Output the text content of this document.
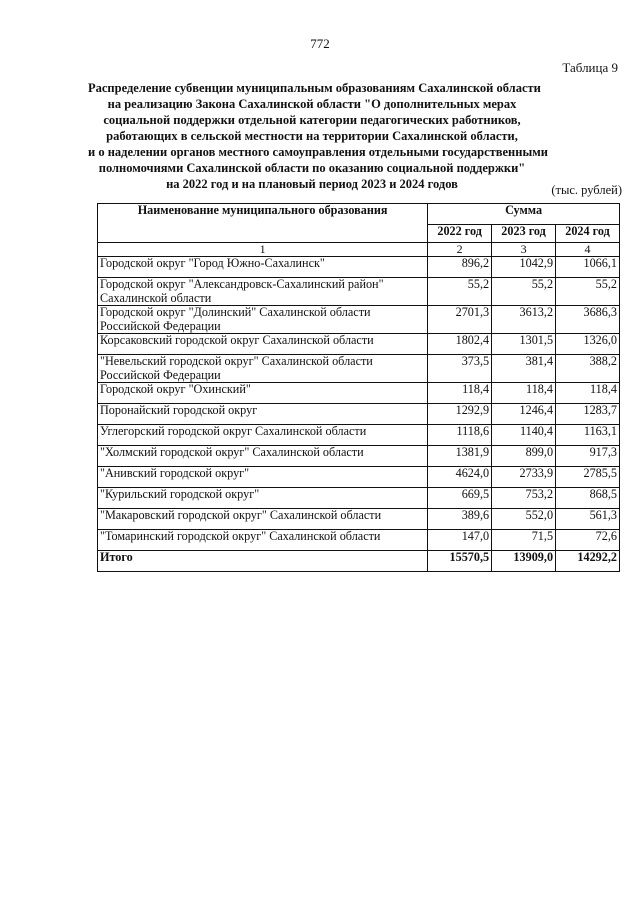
772
Таблица 9
Распределение субвенции муниципальным образованиям Сахалинской области
на реализацию Закона Сахалинской области "О дополнительных мерах
социальной поддержки отдельной категории педагогических работников,
работающих в сельской местности на территории Сахалинской области,
и о наделении органов местного самоуправления отдельными государственными
полномочиями Сахалинской области по оказанию социальной поддержки"
на 2022 год и на плановый период 2023 и 2024 годов	(тыс. рублей)
Наименование муниципального образования	Сумма		
	2022 год	2023 год	2024 год
1	2	3	4
Городской округ "Город Южно-Сахалинск"	896,2	1042,9	1066,1
Городской округ "Александровск-Сахалинский район" Сахалинской области	55,2	55,2	55,2
Городской округ "Долинский" Сахалинской области Российской Федерации	2701,3	3613,2	3686,3
Корсаковский городской округ Сахалинской области	1802,4	1301,5	1326,0
"Невельский городской округ" Сахалинской области Российской Федерации	373,5	381,4	388,2
Городской округ "Охинский"	118,4	118,4	118,4
Поронайский городской округ	1292,9	1246,4	1283,7
Углегорский городской округ Сахалинской области	1118,6	1140,4	1163,1
"Холмский городской округ" Сахалинской области	1381,9	899,0	917,3
"Анивский городской округ"	4624,0	2733,9	2785,5
"Курильский городской округ"	669,5	753,2	868,5
"Макаровский городской округ" Сахалинской области	389,6	552,0	561,3
"Томаринский городской округ" Сахалинской области	147,0	71,5	72,6
Итого	15570,5	13909,0	14292,2
